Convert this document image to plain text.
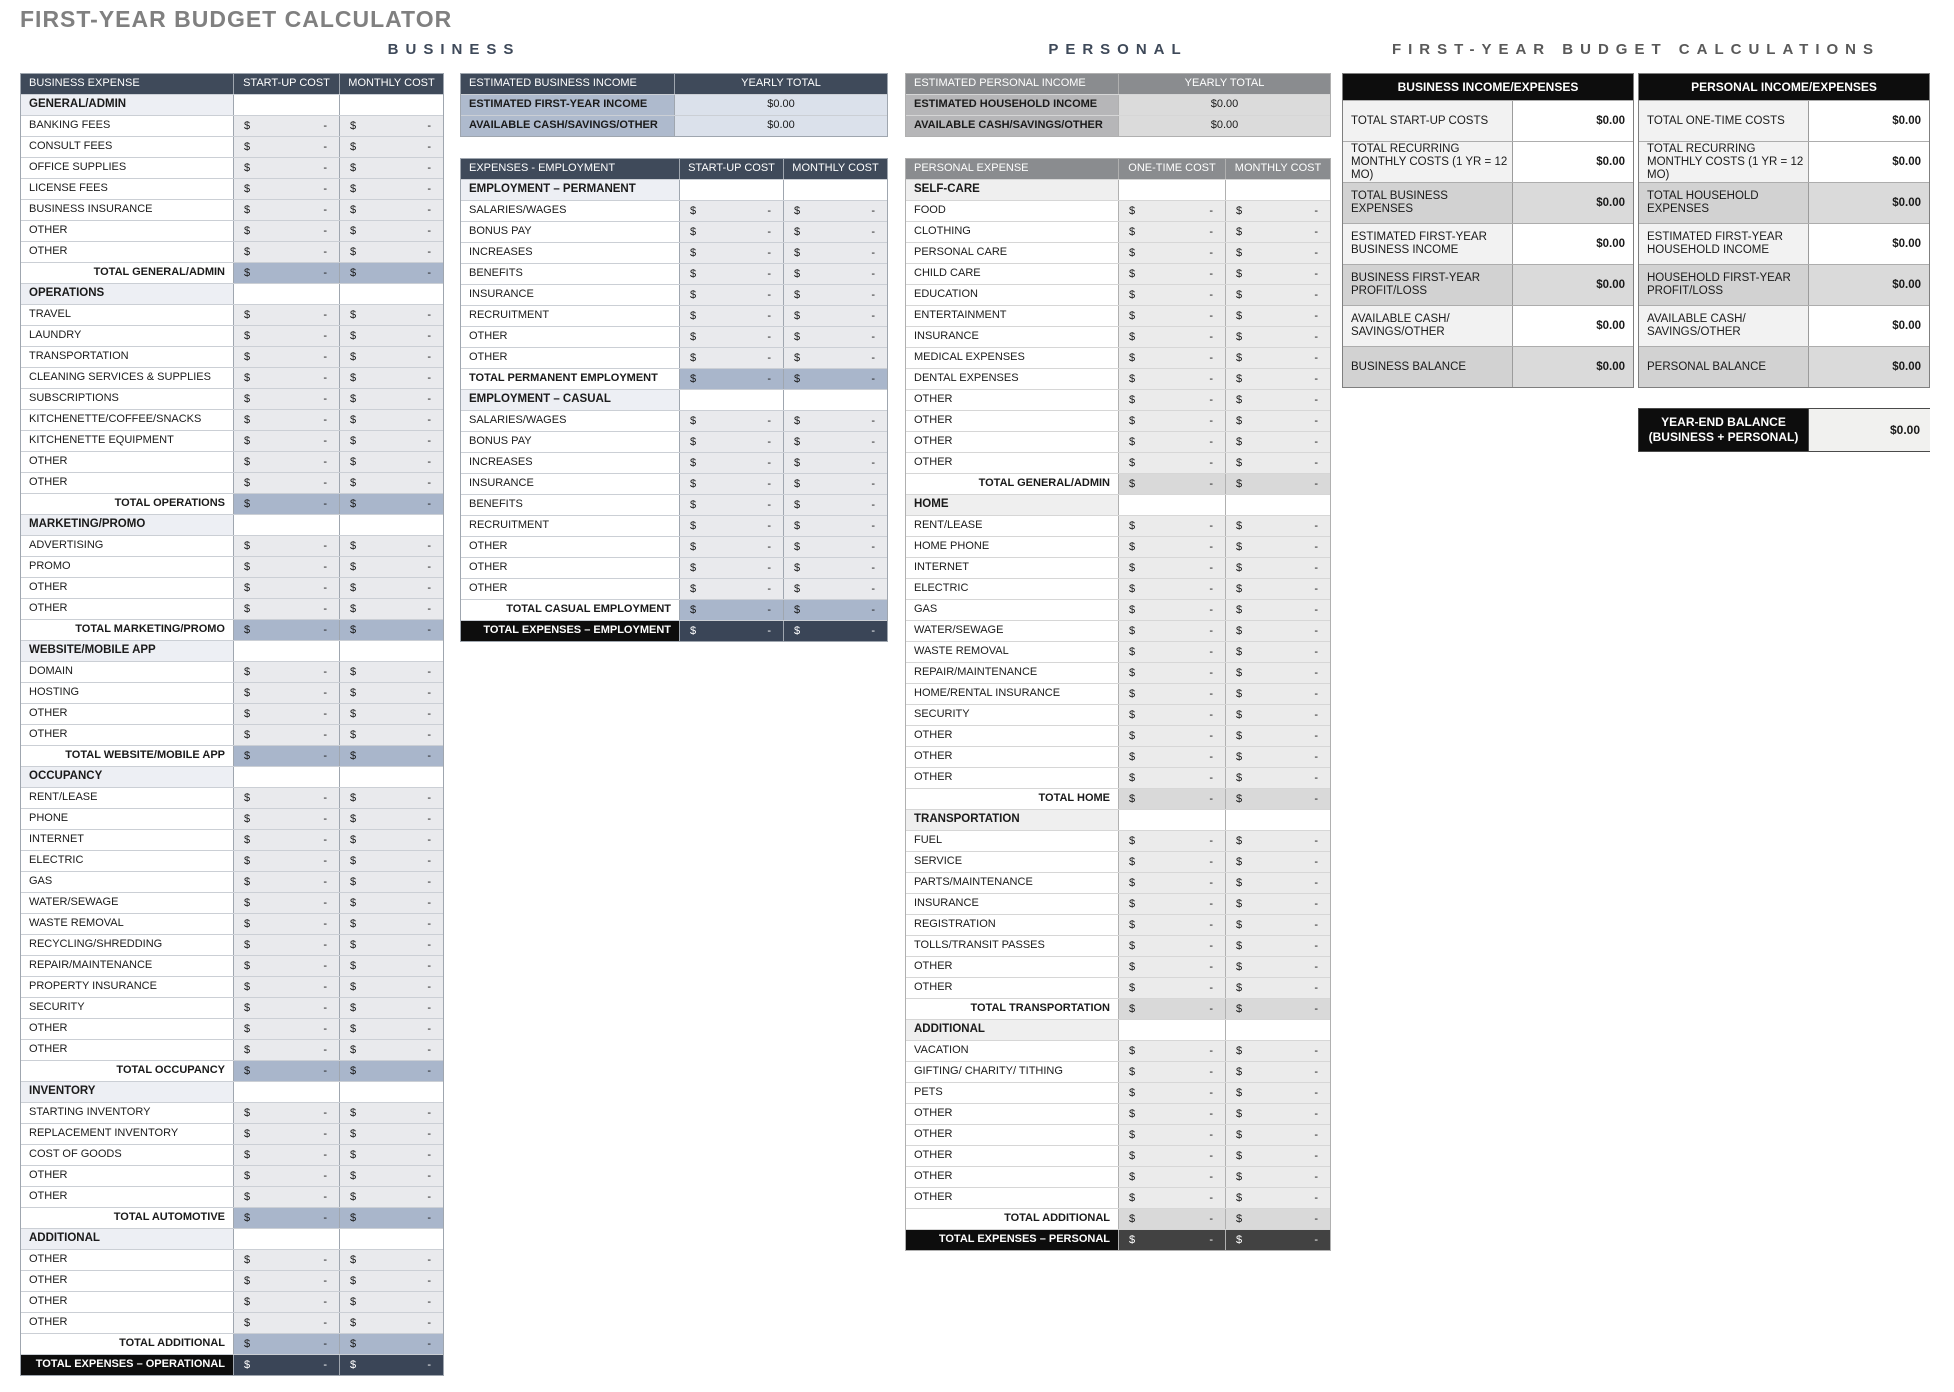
FIRST-YEAR BUDGET CALCULATOR
BUSINESS	PERSONAL	FIRST-YEAR BUDGET CALCULATIONS
BUSINESS EXPENSE	START-UP COST	MONTHLY COST
GENERAL/ADMIN
BANKING FEES	$	- $	-
CONSULT FEES	$	- $	-
OFFICE SUPPLIES	$	- $	-
LICENSE FEES	$	- $	-
BUSINESS INSURANCE	$	- $	-
OTHER	$	- $	-
OTHER	$	- $	-
TOTAL GENERAL/ADMIN	$	- $	-
OPERATIONS
TRAVEL	$	- $	-
LAUNDRY	$	- $	-
TRANSPORTATION	$	- $	-
CLEANING SERVICES & SUPPLIES	$	- $	-
SUBSCRIPTIONS	$	- $	-
KITCHENETTE/COFFEE/SNACKS	$	- $	-
KITCHENETTE EQUIPMENT	$	- $	-
OTHER	$	- $	-
OTHER	$	- $	-
TOTAL OPERATIONS	$	- $	-
MARKETING/PROMO
ADVERTISING	$	- $	-
PROMO	$	- $	-
OTHER	$	- $	-
OTHER	$	- $	-
TOTAL MARKETING/PROMO	$	- $	-
WEBSITE/MOBILE APP
DOMAIN	$	- $	-
HOSTING	$	- $	-
OTHER	$	- $	-
OTHER	$	- $	-
TOTAL WEBSITE/MOBILE APP	$	- $	-
OCCUPANCY
RENT/LEASE	$	- $	-
PHONE	$	- $	-
INTERNET	$	- $	-
ELECTRIC	$	- $	-
GAS	$	- $	-
WATER/SEWAGE	$	- $	-
WASTE REMOVAL	$	- $	-
RECYCLING/SHREDDING	$	- $	-
REPAIR/MAINTENANCE	$	- $	-
PROPERTY INSURANCE	$	- $	-
SECURITY	$	- $	-
OTHER	$	- $	-
OTHER	$	- $	-
TOTAL OCCUPANCY	$	- $	-
INVENTORY
STARTING INVENTORY	$	- $	-
REPLACEMENT INVENTORY	$	- $	-
COST OF GOODS	$	- $	-
OTHER	$	- $	-
OTHER	$	- $	-
TOTAL AUTOMOTIVE	$	- $	-
ADDITIONAL
OTHER	$	- $	-
OTHER	$	- $	-
OTHER	$	- $	-
OTHER	$	- $	-
TOTAL ADDITIONAL	$	- $	-
TOTAL EXPENSES – OPERATIONAL	$	- $	-
ESTIMATED BUSINESS INCOME	YEARLY TOTAL
ESTIMATED FIRST-YEAR INCOME	$0.00
AVAILABLE CASH/SAVINGS/OTHER	$0.00
EXPENSES - EMPLOYMENT	START-UP COST	MONTHLY COST
EMPLOYMENT – PERMANENT
SALARIES/WAGES	$	- $	-
BONUS PAY	$	- $	-
INCREASES	$	- $	-
BENEFITS	$	- $	-
INSURANCE	$	- $	-
RECRUITMENT	$	- $	-
OTHER	$	- $	-
OTHER	$	- $	-
TOTAL PERMANENT EMPLOYMENT	$	- $	-
EMPLOYMENT – CASUAL
SALARIES/WAGES	$	- $	-
BONUS PAY	$	- $	-
INCREASES	$	- $	-
INSURANCE	$	- $	-
BENEFITS	$	- $	-
RECRUITMENT	$	- $	-
OTHER	$	- $	-
OTHER	$	- $	-
OTHER	$	- $	-
TOTAL CASUAL EMPLOYMENT	$	- $	-
TOTAL EXPENSES – EMPLOYMENT	$	- $	-
ESTIMATED PERSONAL INCOME	YEARLY TOTAL
ESTIMATED HOUSEHOLD INCOME	$0.00
AVAILABLE CASH/SAVINGS/OTHER	$0.00
PERSONAL EXPENSE	ONE-TIME COST	MONTHLY COST
SELF-CARE
FOOD	$	- $	-
CLOTHING	$	- $	-
PERSONAL CARE	$	- $	-
CHILD CARE	$	- $	-
EDUCATION	$	- $	-
ENTERTAINMENT	$	- $	-
INSURANCE	$	- $	-
MEDICAL EXPENSES	$	- $	-
DENTAL EXPENSES	$	- $	-
OTHER	$	- $	-
OTHER	$	- $	-
OTHER	$	- $	-
OTHER	$	- $	-
TOTAL GENERAL/ADMIN	$	- $	-
HOME
RENT/LEASE	$	- $	-
HOME PHONE	$	- $	-
INTERNET	$	- $	-
ELECTRIC	$	- $	-
GAS	$	- $	-
WATER/SEWAGE	$	- $	-
WASTE REMOVAL	$	- $	-
REPAIR/MAINTENANCE	$	- $	-
HOME/RENTAL INSURANCE	$	- $	-
SECURITY	$	- $	-
OTHER	$	- $	-
OTHER	$	- $	-
OTHER	$	- $	-
TOTAL HOME	$	- $	-
TRANSPORTATION
FUEL	$	- $	-
SERVICE	$	- $	-
PARTS/MAINTENANCE	$	- $	-
INSURANCE	$	- $	-
REGISTRATION	$	- $	-
TOLLS/TRANSIT PASSES	$	- $	-
OTHER	$	- $	-
OTHER	$	- $	-
TOTAL TRANSPORTATION	$	- $	-
ADDITIONAL
VACATION	$	- $	-
GIFTING/ CHARITY/ TITHING	$	- $	-
PETS	$	- $	-
OTHER	$	- $	-
OTHER	$	- $	-
OTHER	$	- $	-
OTHER	$	- $	-
OTHER	$	- $	-
TOTAL ADDITIONAL	$	- $	-
TOTAL EXPENSES – PERSONAL	$	- $	-
BUSINESS INCOME/EXPENSES
TOTAL START-UP COSTS	$0.00
TOTAL RECURRING MONTHLY COSTS (1 YR = 12 MO)
$0.00
TOTAL BUSINESS EXPENSES
$0.00
ESTIMATED FIRST-YEAR BUSINESS INCOME
$0.00
BUSINESS FIRST-YEAR PROFIT/LOSS
$0.00
AVAILABLE CASH/ SAVINGS/OTHER
$0.00
BUSINESS BALANCE	$0.00
PERSONAL INCOME/EXPENSES
TOTAL ONE-TIME COSTS	$0.00
TOTAL RECURRING MONTHLY COSTS (1 YR = 12 MO)
$0.00
TOTAL HOUSEHOLD EXPENSES
$0.00
ESTIMATED FIRST-YEAR HOUSEHOLD INCOME
$0.00
HOUSEHOLD FIRST-YEAR PROFIT/LOSS
$0.00
AVAILABLE CASH/ SAVINGS/OTHER
$0.00
PERSONAL BALANCE	$0.00
YEAR-END BALANCE
(BUSINESS + PERSONAL)	$0.00
